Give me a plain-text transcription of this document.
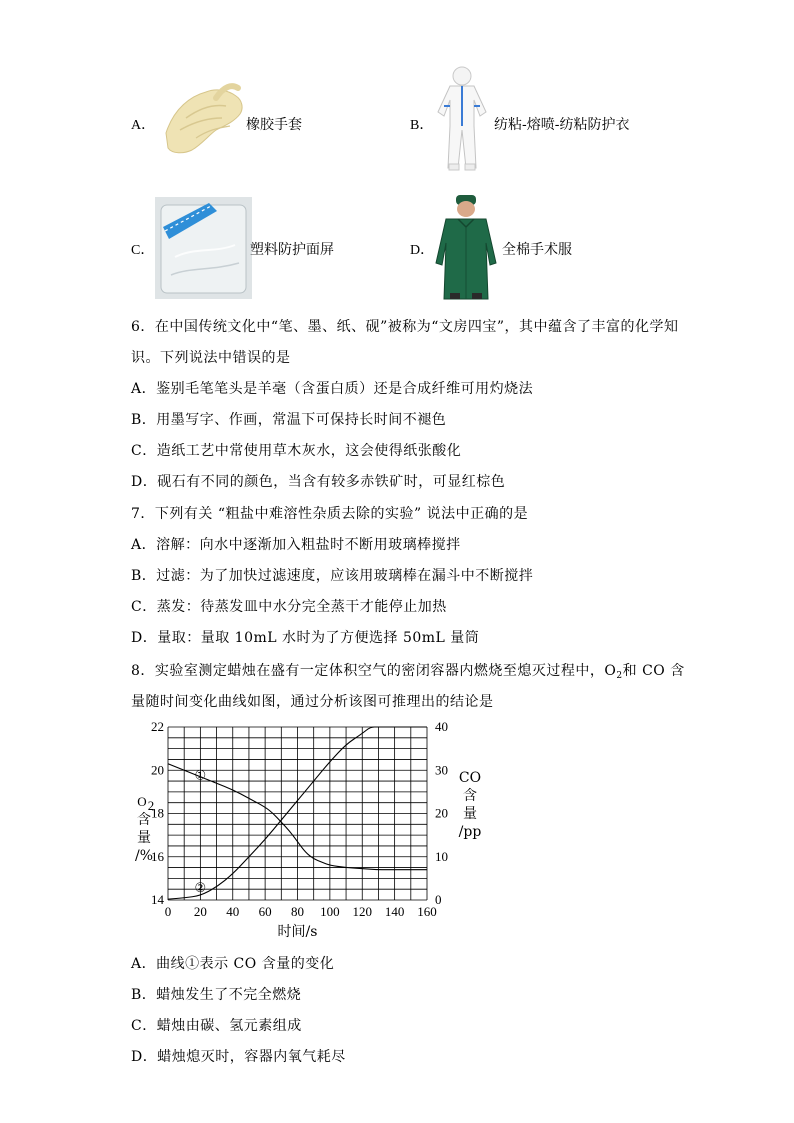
A．	橡胶手套	B．	纺粘-熔喷-纺粘防护衣
C．	塑料防护面屏	D．	全棉手术服
6．在中国传统文化中“笔、墨、纸、砚”被称为“文房四宝”，其中蕴含了丰富的化学知
识。下列说法中错误的是
A．鉴别毛笔笔头是羊毫（含蛋白质）还是合成纤维可用灼烧法
B．用墨写字、作画，常温下可保持长时间不褪色
C．造纸工艺中常使用草木灰水，这会使得纸张酸化
D．砚石有不同的颜色，当含有较多赤铁矿时，可显红棕色
7．下列有关 “粗盐中难溶性杂质去除的实验” 说法中正确的是
A．溶解：向水中逐渐加入粗盐时不断用玻璃棒搅拌
B．过滤：为了加快过滤速度，应该用玻璃棒在漏斗中不断搅拌
C．蒸发：待蒸发皿中水分完全蒸干才能停止加热
D．量取：量取 10mL 水时为了方便选择 50mL 量筒
8．实验室测定蜡烛在盛有一定体积空气的密闭容器内燃烧至熄灭过程中，$O_2$和 CO 含
量随时间变化曲线如图，通过分析该图可推理出的结论是
14
16
18
20
22
0
10
20
30
40
0 20 40 60 80 100 120 140 160
①
②
时间/s
O 2
含
量
/%
CO
含
量
/pp
A．曲线①表示 CO 含量的变化
B．蜡烛发生了不完全燃烧
C．蜡烛由碳、氢元素组成
D．蜡烛熄灭时，容器内氧气耗尽
